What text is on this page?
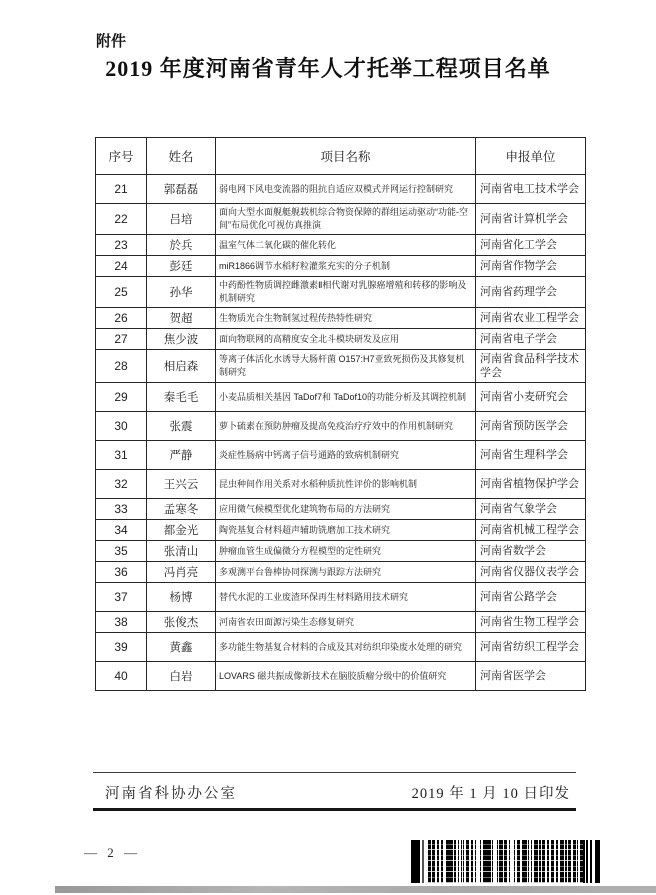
附件
2019 年度河南省青年人才托举工程项目名单
序号	姓名	项目名称	申报单位
21	郭磊磊	弱电网下风电变流器的阻抗自适应双模式并网运行控制研究	河南省电工技术学会
22	吕培	面向大型水面舰艇舰载机综合物资保障的群组运动驱动“功能-空间”布局优化可视仿真推演	河南省计算机学会
23	於兵	温室气体二氧化碳的催化转化	河南省化工学会
24	彭廷	miR1866调节水稻籽粒灌浆充实的分子机制	河南省作物学会
25	孙华	中药酚性物质调控雌激素Ⅱ相代谢对乳腺癌增殖和转移的影响及机制研究	河南省药理学会
26	贺超	生物质光合生物制氢过程传热特性研究	河南省农业工程学会
27	焦少波	面向物联网的高精度安全北斗模块研发及应用	河南省电子学会
28	相启森	等离子体活化水诱导大肠杆菌 O157:H7亚致死损伤及其修复机制研究	河南省食品科学技术学会
29	秦毛毛	小麦品质相关基因 TaDof7和 TaDof10的功能分析及其调控机制	河南省小麦研究会
30	张震	萝卜硫素在预防肿瘤及提高免疫治疗疗效中的作用机制研究	河南省预防医学会
31	严静	炎症性肠病中钙离子信号通路的致病机制研究	河南省生理科学会
32	王兴云	昆虫种间作用关系对水稻种质抗性评价的影响机制	河南省植物保护学会
33	孟寒冬	应用微气候模型优化建筑物布局的方法研究	河南省气象学会
34	都金光	陶瓷基复合材料超声辅助铣磨加工技术研究	河南省机械工程学会
35	张清山	肿瘤血管生成偏微分方程模型的定性研究	河南省数学会
36	冯肖亮	多观测平台鲁棒协同探测与跟踪方法研究	河南省仪器仪表学会
37	杨博	替代水泥的工业废渣环保再生材料路用技术研究	河南省公路学会
38	张俊杰	河南省农田面源污染生态修复研究	河南省生物工程学会
39	黄鑫	多功能生物基复合材料的合成及其对纺织印染废水处理的研究	河南省纺织工程学会
40	白岩	LOVARS 磁共振成像新技术在脑胶质瘤分级中的价值研究	河南省医学会
河南省科协办公室	2019 年 1 月 10 日印发
— 2 —
